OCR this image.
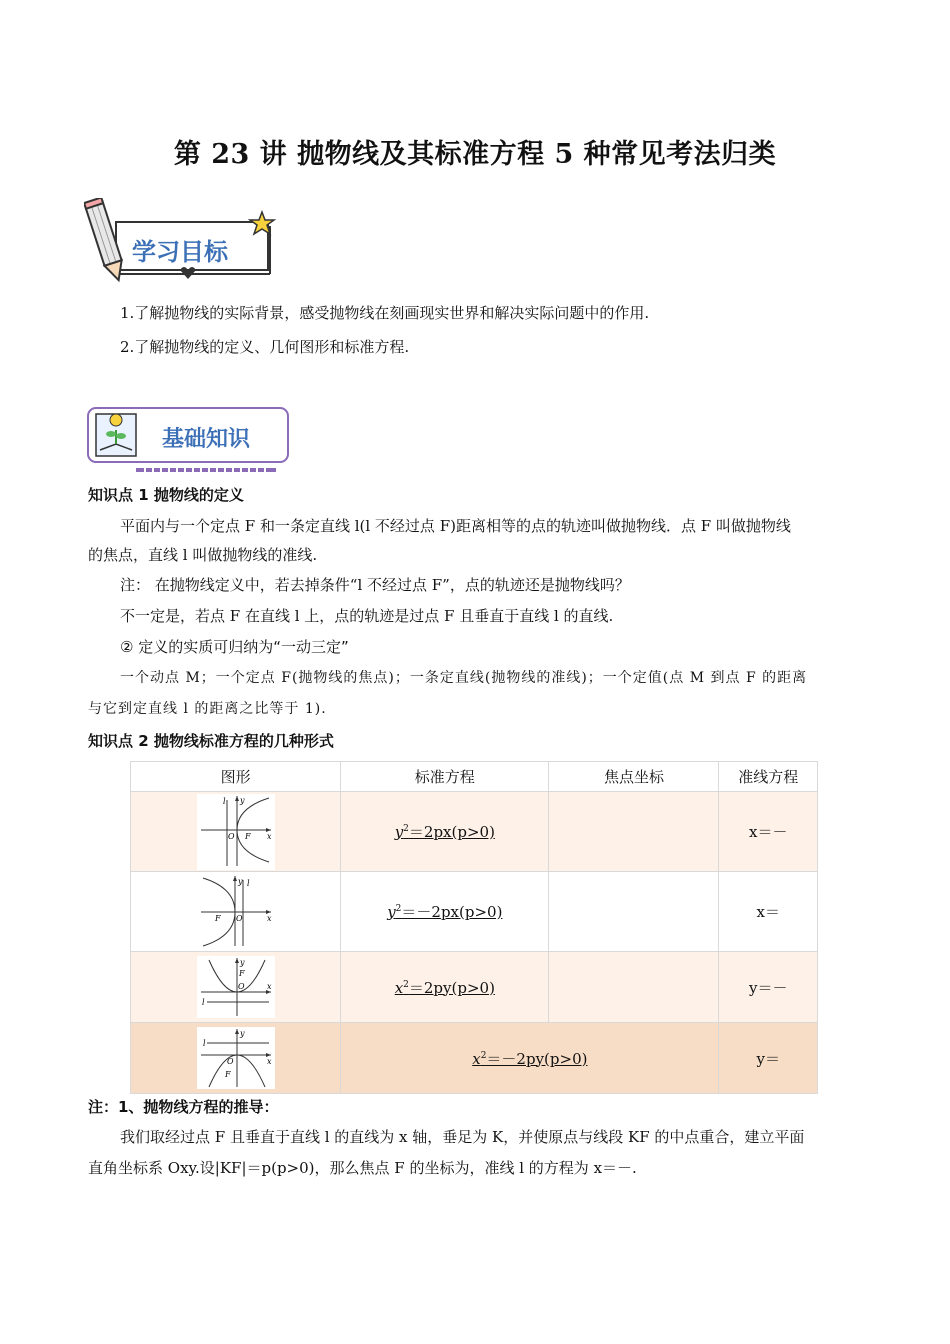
第 23 讲 抛物线及其标准方程 5 种常见考法归类
学习目标
1.了解抛物线的实际背景，感受抛物线在刻画现实世界和解决实际问题中的作用.
2.了解抛物线的定义、几何图形和标准方程.
基础知识
知识点 1 抛物线的定义
平面内与一个定点 F 和一条定直线 l(l 不经过点 F)距离相等的点的轨迹叫做抛物线．点 F 叫做抛物线
的焦点，直线 l 叫做抛物线的准线.
注： 在抛物线定义中，若去掉条件“l 不经过点 F”，点的轨迹还是抛物线吗？
不一定是，若点 F 在直线 l 上，点的轨迹是过点 F 且垂直于直线 l 的直线.
② 定义的实质可归纳为“一动三定”
一个动点 M；一个定点 F(抛物线的焦点)；一条定直线(抛物线的准线)；一个定值(点 M 到点 F 的距离
与它到定直线 l 的距离之比等于 1).
知识点 2 抛物线标准方程的几种形式
图形	标准方程	焦点坐标	准线方程

l y
O F x	$y^2=2px(p>0)$		x＝－

y l
F O x	$y^2=-2px(p>0)$		x＝

y
F
O x
l	$x^2=2py(p>0)$		y＝－

y
l
O x
F	$x^2=-2py(p>0)$		y＝
注：1、抛物线方程的推导：
我们取经过点 F 且垂直于直线 l 的直线为 x 轴，垂足为 K，并使原点与线段 KF 的中点重合，建立平面
直角坐标系 Oxy.设|KF|＝p(p>0)，那么焦点 F 的坐标为，准线 l 的方程为 x＝－.
